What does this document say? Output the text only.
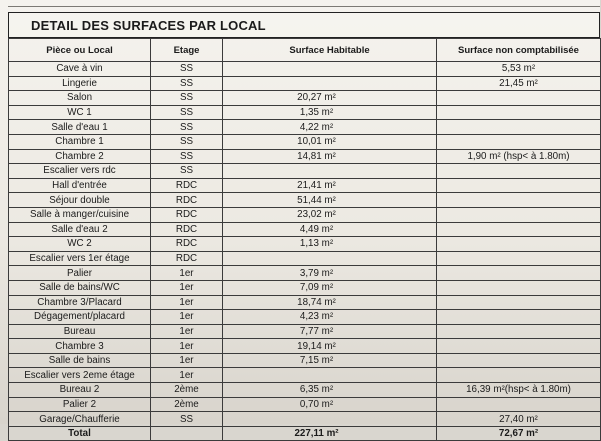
DETAIL DES SURFACES PAR LOCAL
Pièce ou Local	Etage	Surface Habitable	Surface non comptabilisée
Cave à vin	SS		5,53 m²
Lingerie	SS		21,45 m²
Salon	SS	20,27 m²	
WC 1	SS	1,35 m²	
Salle d'eau 1	SS	4,22 m²	
Chambre 1	SS	10,01 m²	
Chambre 2	SS	14,81 m²	1,90 m² (hsp< à 1.80m)
Escalier vers rdc	SS		
Hall d'entrée	RDC	21,41 m²	
Séjour double	RDC	51,44 m²	
Salle à manger/cuisine	RDC	23,02 m²	
Salle d'eau 2	RDC	4,49 m²	
WC 2	RDC	1,13 m²	
Escalier vers 1er étage	RDC		
Palier	1er	3,79 m²	
Salle de bains/WC	1er	7,09 m²	
Chambre 3/Placard	1er	18,74 m²	
Dégagement/placard	1er	4,23 m²	
Bureau	1er	7,77 m²	
Chambre 3	1er	19,14 m²	
Salle de bains	1er	7,15 m²	
Escalier vers 2eme étage	1er		
Bureau 2	2ème	6,35 m²	16,39 m²(hsp< à 1.80m)
Palier 2	2ème	0,70 m²	
Garage/Chaufferie	SS		27,40 m²
Total		227,11 m²	72,67 m²
